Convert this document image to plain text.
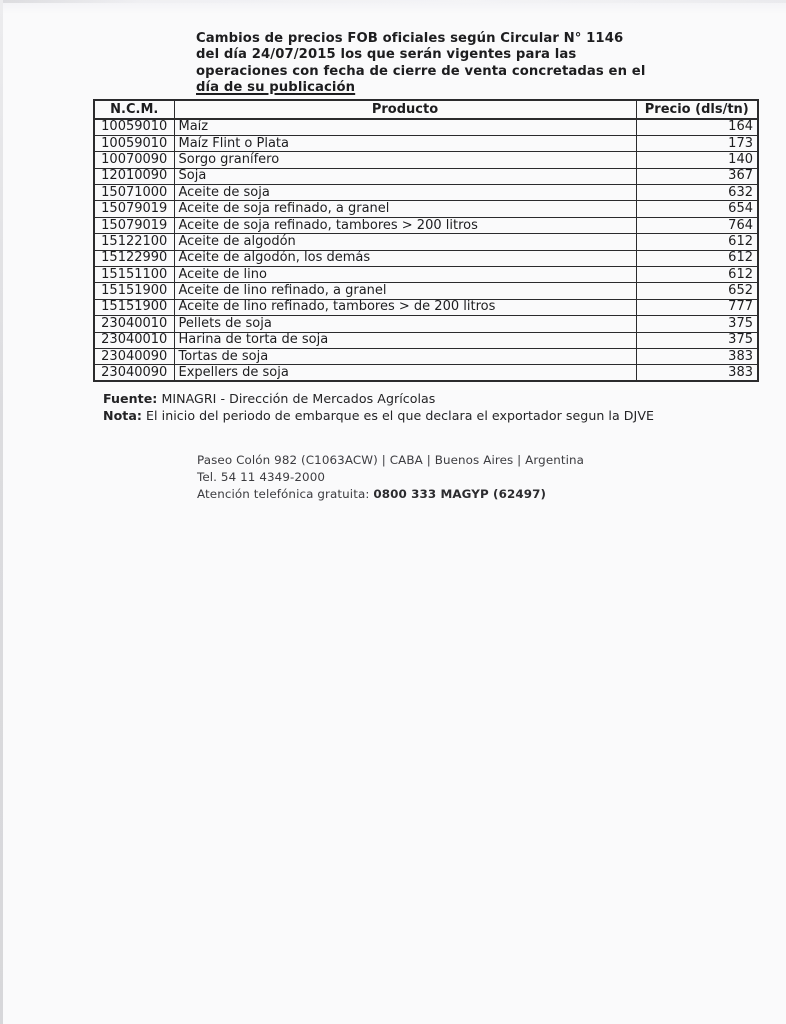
Cambios de precios FOB oficiales según Circular N° 1146
del día 24/07/2015 los que serán vigentes para las
operaciones con fecha de cierre de venta concretadas en el
día de su publicación
N.C.M.	Producto	Precio (dls/tn)
10059010	Maíz	164
10059010	Maíz Flint o Plata	173
10070090	Sorgo granífero	140
12010090	Soja	367
15071000	Aceite de soja	632
15079019	Aceite de soja refinado, a granel	654
15079019	Aceite de soja refinado, tambores > 200 litros	764
15122100	Aceite de algodón	612
15122990	Aceite de algodón, los demás	612
15151100	Aceite de lino	612
15151900	Aceite de lino refinado, a granel	652
15151900	Aceite de lino refinado, tambores > de 200 litros	777
23040010	Pellets de soja	375
23040010	Harina de torta de soja	375
23040090	Tortas de soja	383
23040090	Expellers de soja	383
Fuente: MINAGRI - Dirección de Mercados Agrícolas
Nota: El inicio del periodo de embarque es el que declara el exportador segun la DJVE
Paseo Colón 982 (C1063ACW) | CABA | Buenos Aires | Argentina
Tel. 54 11 4349-2000
Atención telefónica gratuita: 0800 333 MAGYP (62497)
